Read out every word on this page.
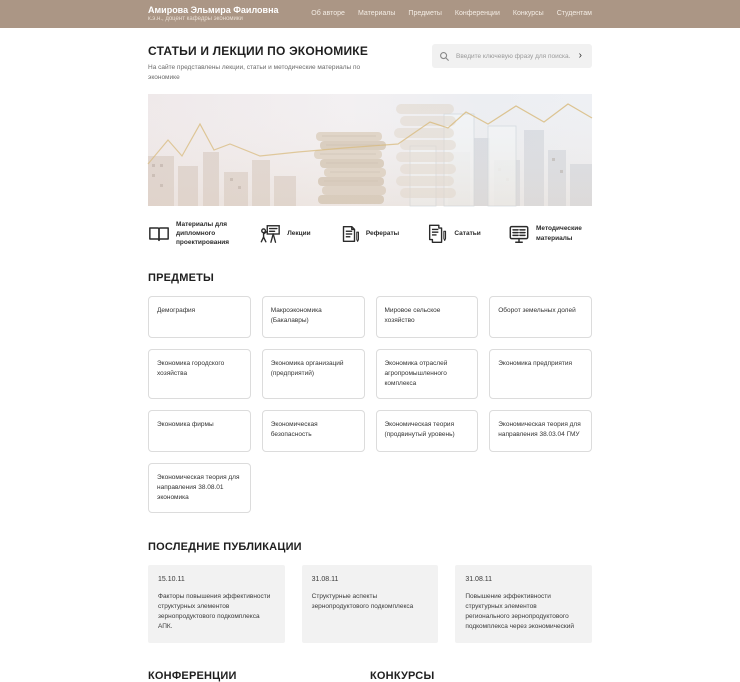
Амирова Эльмира Фаиловна
к.э.н., доцент кафедры экономики
Об авторе Материалы Предметы Конференции Конкурсы Студентам
СТАТЬИ И ЛЕКЦИИ ПО ЭКОНОМИКЕ
На сайте представлены лекции, статьи и методические материалы по экономике
Введите ключевую фразу для поиска...
›
Материалы для дипломного проектирования
Лекции	Рефераты	Сататьи
Методические материалы
ПРЕДМЕТЫ
Демография	Макроэкономика (Бакалавры)
Мировое сельское хозяйство
Оборот земельных долей
Экономика городского хозяйства
Экономика организаций (предприятий)
Экономика отраслей агропромышленного комплекса
Экономика предприятия
Экономика фирмы	Экономическая безопасность
Экономическая теория (продвинутый уровень)
Экономическая теория для направления 38.03.04 ГМУ
Экономическая теория для направления 38.08.01 экономика
ПОСЛЕДНИЕ ПУБЛИКАЦИИ
15.10.11
Факторы повышения эффективности структурных элементов зернопродуктового подкомплекса АПК.
31.08.11
Структурные аспекты зернопродуктового подкомплекса
31.08.11
Повышение эффективности структурных элементов регионального зернопродуктового подкомплекса через экономический
КОНФЕРЕНЦИИ	КОНКУРСЫ
